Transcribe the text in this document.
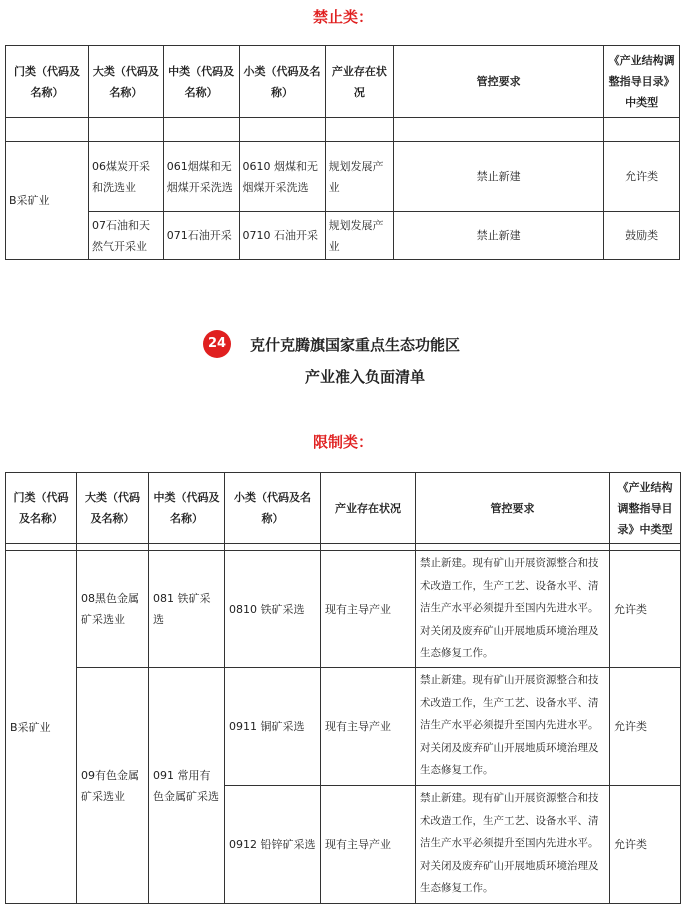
禁止类：
门类（代码及名称）	大类（代码及名称）	中类（代码及名称）	小类（代码及名称）	产业存在状况	管控要求	《产业结构调整指导目录》中类型

B采矿业	06煤炭开采和洗选业	061烟煤和无烟煤开采洗选	0610 烟煤和无烟煤开采洗选	规划发展产业	禁止新建	允许类
	07石油和天然气开采业	071石油开采	0710 石油开采	规划发展产业	禁止新建	鼓励类
24	克什克腾旗国家重点生态功能区
产业准入负面清单
限制类：
门类（代码及名称）	大类（代码及名称）	中类（代码及名称）	小类（代码及名称）	产业存在状况	管控要求	《产业结构调整指导目录》中类型

B采矿业	08黑色金属矿采选业	081 铁矿采选	0810 铁矿采选	现有主导产业	禁止新建。现有矿山开展资源整合和技术改造工作，生产工艺、设备水平、清洁生产水平必须提升至国内先进水平。对关闭及废弃矿山开展地质环境治理及生态修复工作。	允许类
	09有色金属矿采选业	091 常用有色金属矿采选	0911 铜矿采选	现有主导产业	禁止新建。现有矿山开展资源整合和技术改造工作，生产工艺、设备水平、清洁生产水平必须提升至国内先进水平。对关闭及废弃矿山开展地质环境治理及生态修复工作。	允许类
			0912 铅锌矿采选	现有主导产业	禁止新建。现有矿山开展资源整合和技术改造工作，生产工艺、设备水平、清洁生产水平必须提升至国内先进水平。对关闭及废弃矿山开展地质环境治理及生态修复工作。	允许类
